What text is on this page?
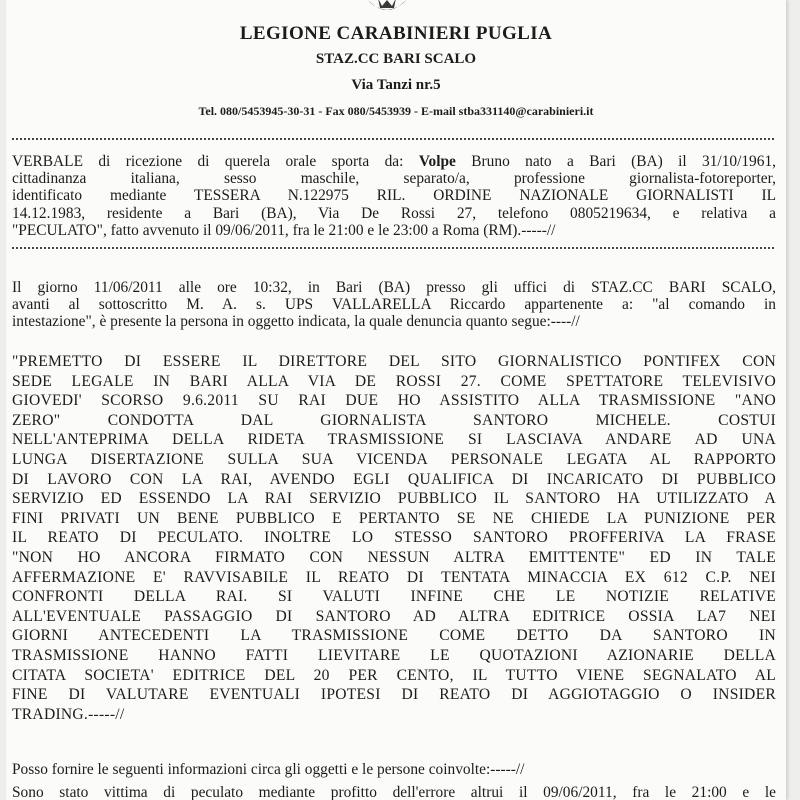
LEGIONE CARABINIERI PUGLIA
STAZ.CC BARI SCALO
Via Tanzi nr.5
Tel. 080/5453945-30-31 - Fax 080/5453939 - E-mail stba331140@carabinieri.it
VERBALE di ricezione di querela orale sporta da: Volpe Bruno nato a Bari (BA) il 31/10/1961,
cittadinanza italiana, sesso maschile, separato/a, professione giornalista-fotoreporter,
identificato mediante TESSERA N.122975 RIL. ORDINE NAZIONALE GIORNALISTI IL
14.12.1983, residente a Bari (BA), Via De Rossi 27, telefono 0805219634, e relativa a
"PECULATO", fatto avvenuto il 09/06/2011, fra le 21:00 e le 23:00 a Roma (RM).-----//
Il giorno 11/06/2011 alle ore 10:32, in Bari (BA) presso gli uffici di STAZ.CC BARI SCALO,
avanti al sottoscritto M. A. s. UPS VALLARELLA Riccardo appartenente a: "al comando in
intestazione", è presente la persona in oggetto indicata, la quale denuncia quanto segue:----//
"PREMETTO DI ESSERE IL DIRETTORE DEL SITO GIORNALISTICO PONTIFEX CON
SEDE LEGALE IN BARI ALLA VIA DE ROSSI 27. COME SPETTATORE TELEVISIVO
GIOVEDI' SCORSO 9.6.2011 SU RAI DUE HO ASSISTITO ALLA TRASMISSIONE "ANO
ZERO" CONDOTTA DAL GIORNALISTA SANTORO MICHELE. COSTUI
NELL'ANTEPRIMA DELLA RIDETA TRASMISSIONE SI LASCIAVA ANDARE AD UNA
LUNGA DISERTAZIONE SULLA SUA VICENDA PERSONALE LEGATA AL RAPPORTO
DI LAVORO CON LA RAI, AVENDO EGLI QUALIFICA DI INCARICATO DI PUBBLICO
SERVIZIO ED ESSENDO LA RAI SERVIZIO PUBBLICO IL SANTORO HA UTILIZZATO A
FINI PRIVATI UN BENE PUBBLICO E PERTANTO SE NE CHIEDE LA PUNIZIONE PER
IL REATO DI PECULATO. INOLTRE LO STESSO SANTORO PROFFERIVA LA FRASE
"NON HO ANCORA FIRMATO CON NESSUN ALTRA EMITTENTE" ED IN TALE
AFFERMAZIONE E' RAVVISABILE IL REATO DI TENTATA MINACCIA EX 612 C.P. NEI
CONFRONTI DELLA RAI. SI VALUTI INFINE CHE LE NOTIZIE RELATIVE
ALL'EVENTUALE PASSAGGIO DI SANTORO AD ALTRA EDITRICE OSSIA LA7 NEI
GIORNI ANTECEDENTI LA TRASMISSIONE COME DETTO DA SANTORO IN
TRASMISSIONE HANNO FATTI LIEVITARE LE QUOTAZIONI AZIONARIE DELLA
CITATA SOCIETA' EDITRICE DEL 20 PER CENTO, IL TUTTO VIENE SEGNALATO AL
FINE DI VALUTARE EVENTUALI IPOTESI DI REATO DI AGGIOTAGGIO O INSIDER
TRADING.-----//
Posso fornire le seguenti informazioni circa gli oggetti e le persone coinvolte:-----//
Sono stato vittima di peculato mediante profitto dell'errore altrui il 09/06/2011, fra le 21:00 e le
